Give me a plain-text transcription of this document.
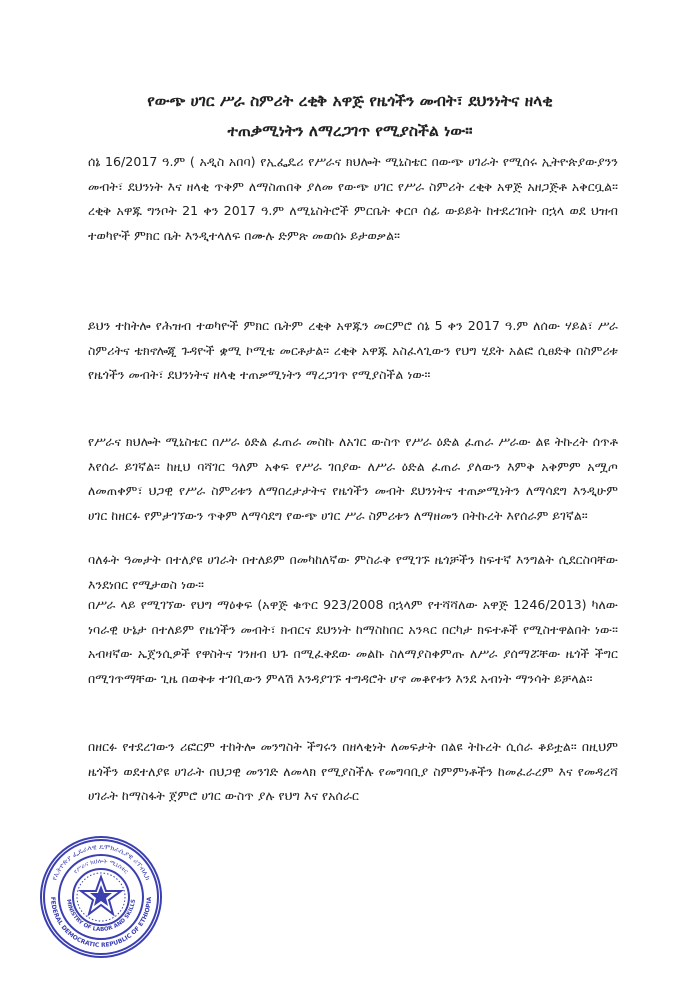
የውጭ ሀገር ሥራ ስምሪት ረቂቅ አዋጅ የዜጎችን መብት፣ ደህንነትና ዘላቂ
ተጠቃሚነትን ለማረጋገጥ የሚያስችል ነው።
ሰኔ 16/2017 ዓ.ም ( አዲስ አበባ) የኢፌዴሪ የሥራና ክህሎት ሚኒስቴር በውጭ ሀገራት የሚሰሩ ኢትዮጵያውያንን መብት፣ ደህንነት እና ዘላቂ ጥቅም ለማስጠበቅ ያለመ የውጭ ሀገር የሥራ ስምሪት ረቂቅ አዋጅ አዘጋጅቶ አቅርቧል። ረቂቅ አዋጁ ግንቦት 21 ቀን 2017 ዓ.ም ለሚኒስትሮች ምርቤት ቀርቦ ሰፊ ውይይት ከተደረገበት በኋላ ወደ ህዝብ ተወካዮች ምክር ቤት እንዲተላለፍ በሙሉ ድምጽ መወሰኑ ይታወቃል።
ይህን ተከትሎ የሕዝብ ተወካዮች ምክር ቤትም ረቂቅ አዋጁን መርምሮ ሰኔ 5 ቀን 2017 ዓ.ም ለሰው ሃይል፣ ሥራ ስምሪትና ቴክኖሎጂ ጉዳዮች ቋሚ ኮሚቴ መርቶታል። ረቂቅ አዋጁ አስፈላጊውን የህግ ሂደት አልፎ ሲፀድቅ በስምሪቱ የዜጎችን መብት፣ ደህንነትና ዘላቂ ተጠቃሚነትን ማረጋገጥ የሚያስችል ነው።
የሥራና ክህሎት ሚኒስቴር በሥራ ዕድል ፈጠራ መስኩ ለአገር ውስጥ የሥራ ዕድል ፈጠራ ሥራው ልዩ ትኩረት ሰጥቶ እየሰራ ይገኛል። ከዚህ ባሻገር ዓለም አቀፍ የሥራ ገበያው ለሥራ ዕድል ፈጠራ ያለውን እምቅ አቅምም አሟጦ ለመጠቀም፣ ህጋዊ የሥራ ስምሪቱን ለማበረታታትና የዜጎችን መብት ደህንነትና ተጠቃሚነትን ለማሳደግ እንዲሁም ሀገር ከዘርፉ የምታገኘውን ጥቅም ለማሳደግ የውጭ ሀገር ሥራ ስምሪቱን ለማዘመን በትኩረት እየሰራም ይገኛል።
ባለፉት ዓመታት በተለያዩ ሀገራት በተለይም በመካከለኛው ምስራቅ የሚገኙ ዜጎቻችን ከፍተኛ እንግልት ሲደርስባቸው እንደነበር የሚታወስ ነው።
በሥራ ላይ የሚገኘው የህግ ማዕቀፍ (አዋጅ ቁጥር 923/2008 በኋላም የተሻሻለው አዋጅ 1246/2013) ካለው ነባራዊ ሁኔታ በተለይም የዜጎችን መብት፣ ክብርና ደህንነት ከማስከበር አንጻር በርካታ ክፍተቶች የሚስተዋልበት ነው። አብዛኛው ኤጀንሲዎች የዋስትና ገንዘብ ህጉ በሚፈቅደው መልኩ ስለማያስቀምጡ ለሥራ ያሰማሯቸው ዜጎች ችግር በሚገጥማቸው ጊዜ በወቅቱ ተገቢውን ምላሽ እንዳያገኙ ተግዳሮት ሆኖ መቆየቱን እንደ አብነት ማንሳት ይቻላል።
በዘርፉ የተደረገውን ሪፎርም ተከትሎ መንግስት ችግሩን በዘላቂነት ለመፍታት በልዩ ትኩረት ሲሰራ ቆይቷል። በዚህም ዜጎችን ወደተለያዩ ሀገራት በህጋዊ መንገድ ለመላክ የሚያስችሉ የመግባቢያ ስምምነቶችን ከመፈራረም እና የመዳረሻ ሀገራት ከማስፋት ጀምሮ ሀገር ውስጥ ያሉ የህግ እና የአሰራር
የኢትዮጵያ ፌዴራላዊ ዴሞክራሲያዊ ሪፐብሊክ
FEDERAL DEMOCRATIC REPUBLIC OF ETHIOPIA
የሥራና ክህሎት ሚኒስቴር
MINISTRY OF LABOR AND SKILLS
